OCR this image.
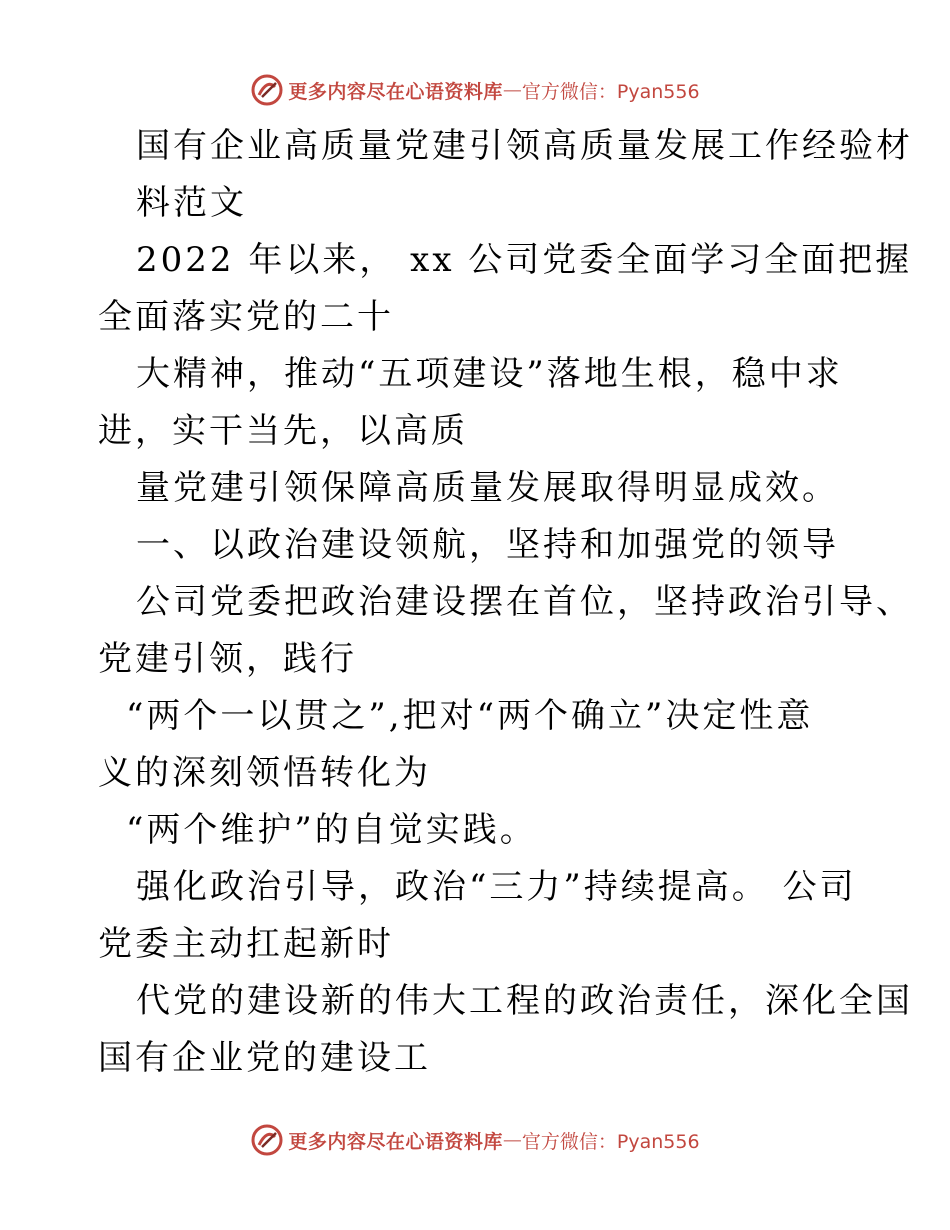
更多内容尽在心语资料库 — 官方微信：Pyan556
国有企业高质量党建引领高质量发展工作经验材
料范文
2022 年以来， xx 公司党委全面学习全面把握
全面落实党的二十
大精神，推动“五项建设”落地生根，稳中求
进，实干当先，以高质
量党建引领保障高质量发展取得明显成效。
一、以政治建设领航，坚持和加强党的领导
公司党委把政治建设摆在首位，坚持政治引导、
党建引领，践行
“两个一以贯之”,把对“两个确立”决定性意
义的深刻领悟转化为
“两个维护”的自觉实践。
强化政治引导，政治“三力”持续提高。 公司
党委主动扛起新时
代党的建设新的伟大工程的政治责任，深化全国
国有企业党的建设工
更多内容尽在心语资料库 — 官方微信：Pyan556
